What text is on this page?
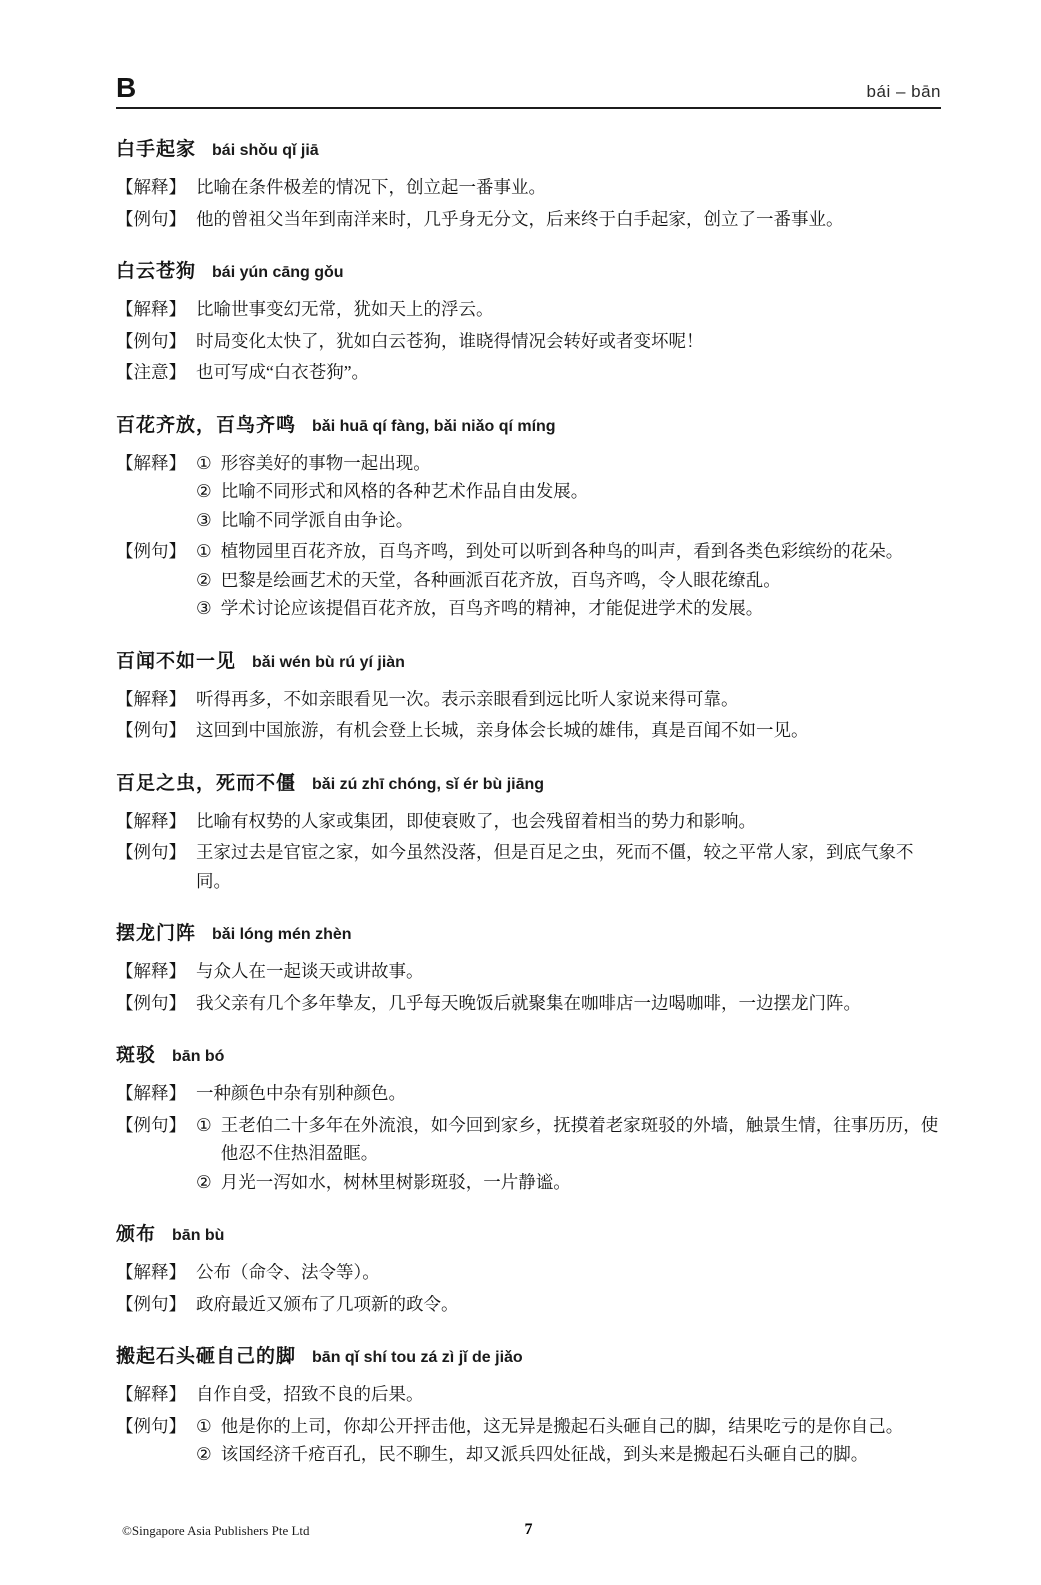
B	bái – bān
白手起家 bái shǒu qǐ jiā
【解释】 比喻在条件极差的情况下，创立起一番事业。
【例句】 他的曾祖父当年到南洋来时，几乎身无分文，后来终于白手起家，创立了一番事业。
白云苍狗 bái yún cāng gǒu
【解释】 比喻世事变幻无常，犹如天上的浮云。
【例句】 时局变化太快了，犹如白云苍狗，谁晓得情况会转好或者变坏呢！
【注意】 也可写成“白衣苍狗”。
百花齐放，百鸟齐鸣 bǎi huā qí fàng, bǎi niǎo qí míng
【解释】 ① 形容美好的事物一起出现。
② 比喻不同形式和风格的各种艺术作品自由发展。
③ 比喻不同学派自由争论。
【例句】 ① 植物园里百花齐放，百鸟齐鸣，到处可以听到各种鸟的叫声，看到各类色彩缤纷的花朵。
② 巴黎是绘画艺术的天堂，各种画派百花齐放，百鸟齐鸣，令人眼花缭乱。
③ 学术讨论应该提倡百花齐放，百鸟齐鸣的精神，才能促进学术的发展。
百闻不如一见 bǎi wén bù rú yí jiàn
【解释】 听得再多，不如亲眼看见一次。表示亲眼看到远比听人家说来得可靠。
【例句】 这回到中国旅游，有机会登上长城，亲身体会长城的雄伟，真是百闻不如一见。
百足之虫，死而不僵 bǎi zú zhī chóng, sǐ ér bù jiāng
【解释】 比喻有权势的人家或集团，即使衰败了，也会残留着相当的势力和影响。
【例句】 王家过去是官宦之家，如今虽然没落，但是百足之虫，死而不僵，较之平常人家，到底气象不同。
摆龙门阵 bǎi lóng mén zhèn
【解释】 与众人在一起谈天或讲故事。
【例句】 我父亲有几个多年挚友，几乎每天晚饭后就聚集在咖啡店一边喝咖啡，一边摆龙门阵。
斑驳 bān bó
【解释】 一种颜色中杂有别种颜色。
【例句】 ① 王老伯二十多年在外流浪，如今回到家乡，抚摸着老家斑驳的外墙，触景生情，往事历历，使他忍不住热泪盈眶。
② 月光一泻如水，树林里树影斑驳，一片静谧。
颁布 bān bù
【解释】 公布（命令、法令等）。
【例句】 政府最近又颁布了几项新的政令。
搬起石头砸自己的脚 bān qǐ shí tou zá zì jǐ de jiǎo
【解释】 自作自受，招致不良的后果。
【例句】 ① 他是你的上司，你却公开抨击他，这无异是搬起石头砸自己的脚，结果吃亏的是你自己。
② 该国经济千疮百孔，民不聊生，却又派兵四处征战，到头来是搬起石头砸自己的脚。
©Singapore Asia Publishers Pte Ltd	7
